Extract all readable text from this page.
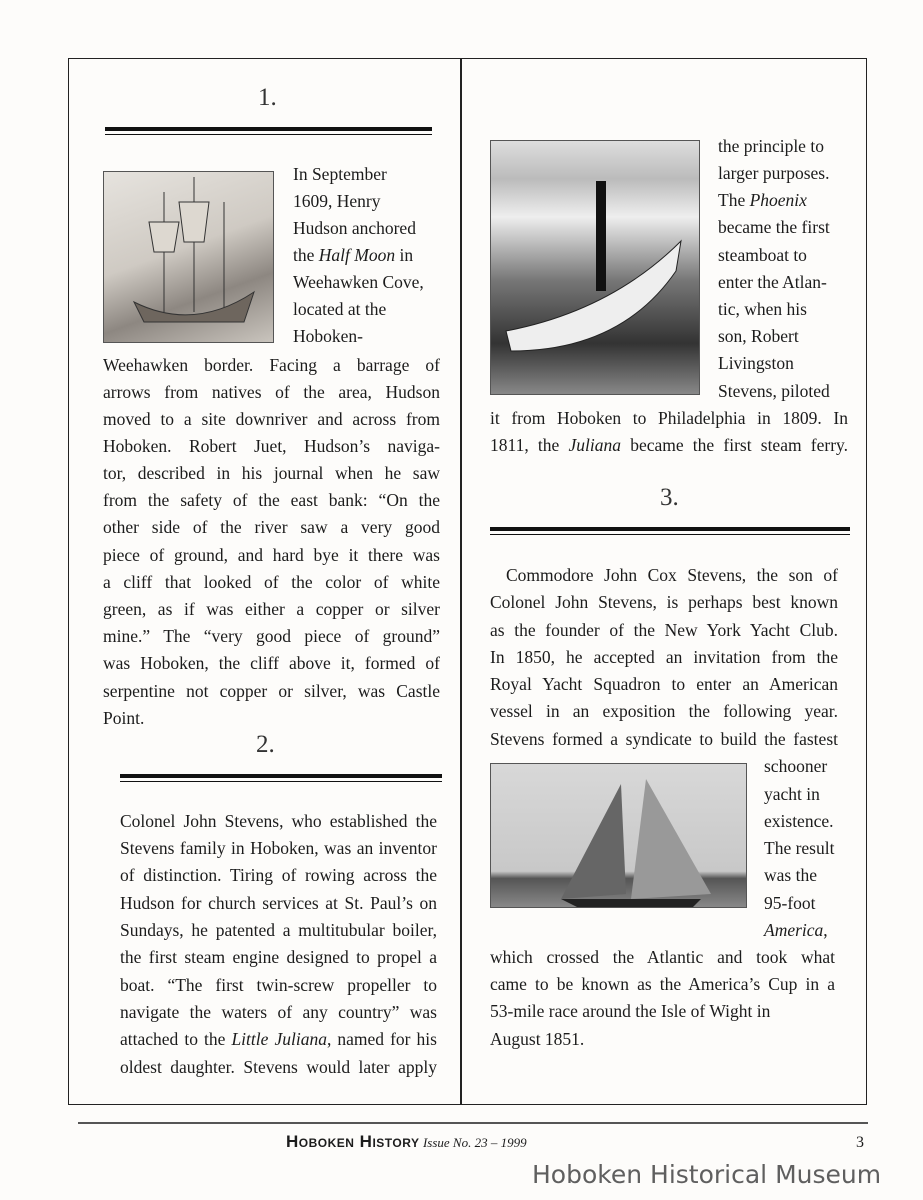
1.
2.
3.
In September
1609, Henry
Hudson anchored
the Half Moon in
Weehawken Cove,
located at the
Hoboken-
Weehawken border. Facing a barrage of
arrows from natives of the area, Hudson
moved to a site downriver and across from
Hoboken. Robert Juet, Hudson’s naviga-
tor, described in his journal when he saw
from the safety of the east bank: “On the
other side of the river saw a very good
piece of ground, and hard bye it there was
a cliff that looked of the color of white
green, as if was either a copper or silver
mine.” The “very good piece of ground”
was Hoboken, the cliff above it, formed of
serpentine not copper or silver, was Castle
Point.
Colonel John Stevens, who established the
Stevens family in Hoboken, was an inventor
of distinction. Tiring of rowing across the
Hudson for church services at St. Paul’s on
Sundays, he patented a multitubular boiler,
the first steam engine designed to propel a
boat. “The first twin-screw propeller to
navigate the waters of any country” was
attached to the Little Juliana, named for his
oldest daughter. Stevens would later apply
the principle to
larger purposes.
The Phoenix
became the first
steamboat to
enter the Atlan-
tic, when his
son, Robert
Livingston
Stevens, piloted
it from Hoboken to Philadelphia in 1809. In
1811, the Juliana became the first steam ferry.
Commodore John Cox Stevens, the son of
Colonel John Stevens, is perhaps best known
as the founder of the New York Yacht Club.
In 1850, he accepted an invitation from the
Royal Yacht Squadron to enter an American
vessel in an exposition the following year.
Stevens formed a syndicate to build the fastest
schooner
yacht in
existence.
The result
was the
95-foot
America,
which crossed the Atlantic and took what
came to be known as the America’s Cup in a
53-mile race around the Isle of Wight in
August 1851.
Hoboken History Issue No. 23 – 1999
Hoboken Historical Museum
3
